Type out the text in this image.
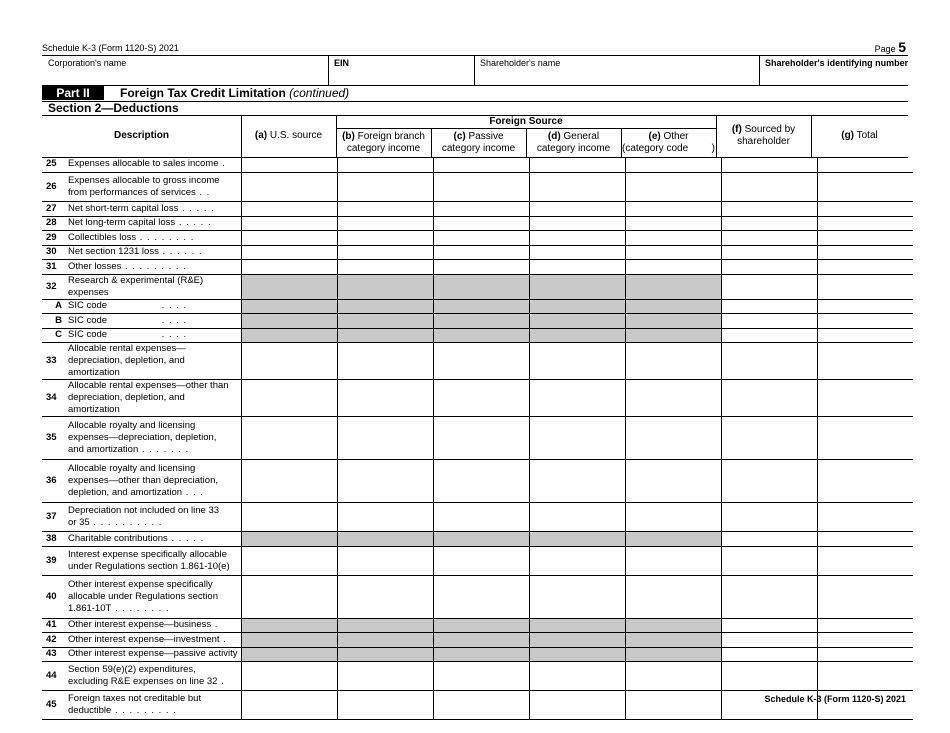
Schedule K-3 (Form 1120-S) 2021	Page 5
Corporation's name	EIN	Shareholder's name	Shareholder's identifying number
Part II	Foreign Tax Credit Limitation (continued)
Section 2—Deductions
Description	(a) U.S. source
Foreign Source
(b) Foreign branch
category income
(c) Passive
category income
(d) General
category income
(e) Other
(category code )
(f) Sourced by
shareholder
(g) Total
25	Expenses allocable to sales income .							
26	Expenses allocable to gross income
from performances of services . .							
27	Net short-term capital loss . . . . .							
28	Net long-term capital loss . . . . .							
29	Collectibles loss . . . . . . . .							
30	Net section 1231 loss . . . . . .							
31	Other losses . . . . . . . . .							
32	Research & experimental (R&E) expenses							
A	SIC code               . . . .							
B	SIC code               . . . .							
C	SIC code               . . . .							
33	Allocable rental expenses—
depreciation, depletion, and amortization							
34	Allocable rental expenses—other than
depreciation, depletion, and amortization							
35	Allocable royalty and licensing
expenses—depreciation, depletion,
and amortization . . . . . . .							
36	Allocable royalty and licensing
expenses—other than depreciation,
depletion, and amortization . . .							
37	Depreciation not included on line 33
or 35 . . . . . . . . . .							
38	Charitable contributions . . . . .							
39	Interest expense specifically allocable
under Regulations section 1.861-10(e)							
40	Other interest expense specifically
allocable under Regulations section
1.861-10T . . . . . . . .							
41	Other interest expense—business .							
42	Other interest expense—investment .							
43	Other interest expense—passive activity							
44	Section 59(e)(2) expenditures,
excluding R&E expenses on line 32 .							
45	Foreign taxes not creditable but
deductible . . . . . . . . .							
Schedule K-3 (Form 1120-S) 2021
